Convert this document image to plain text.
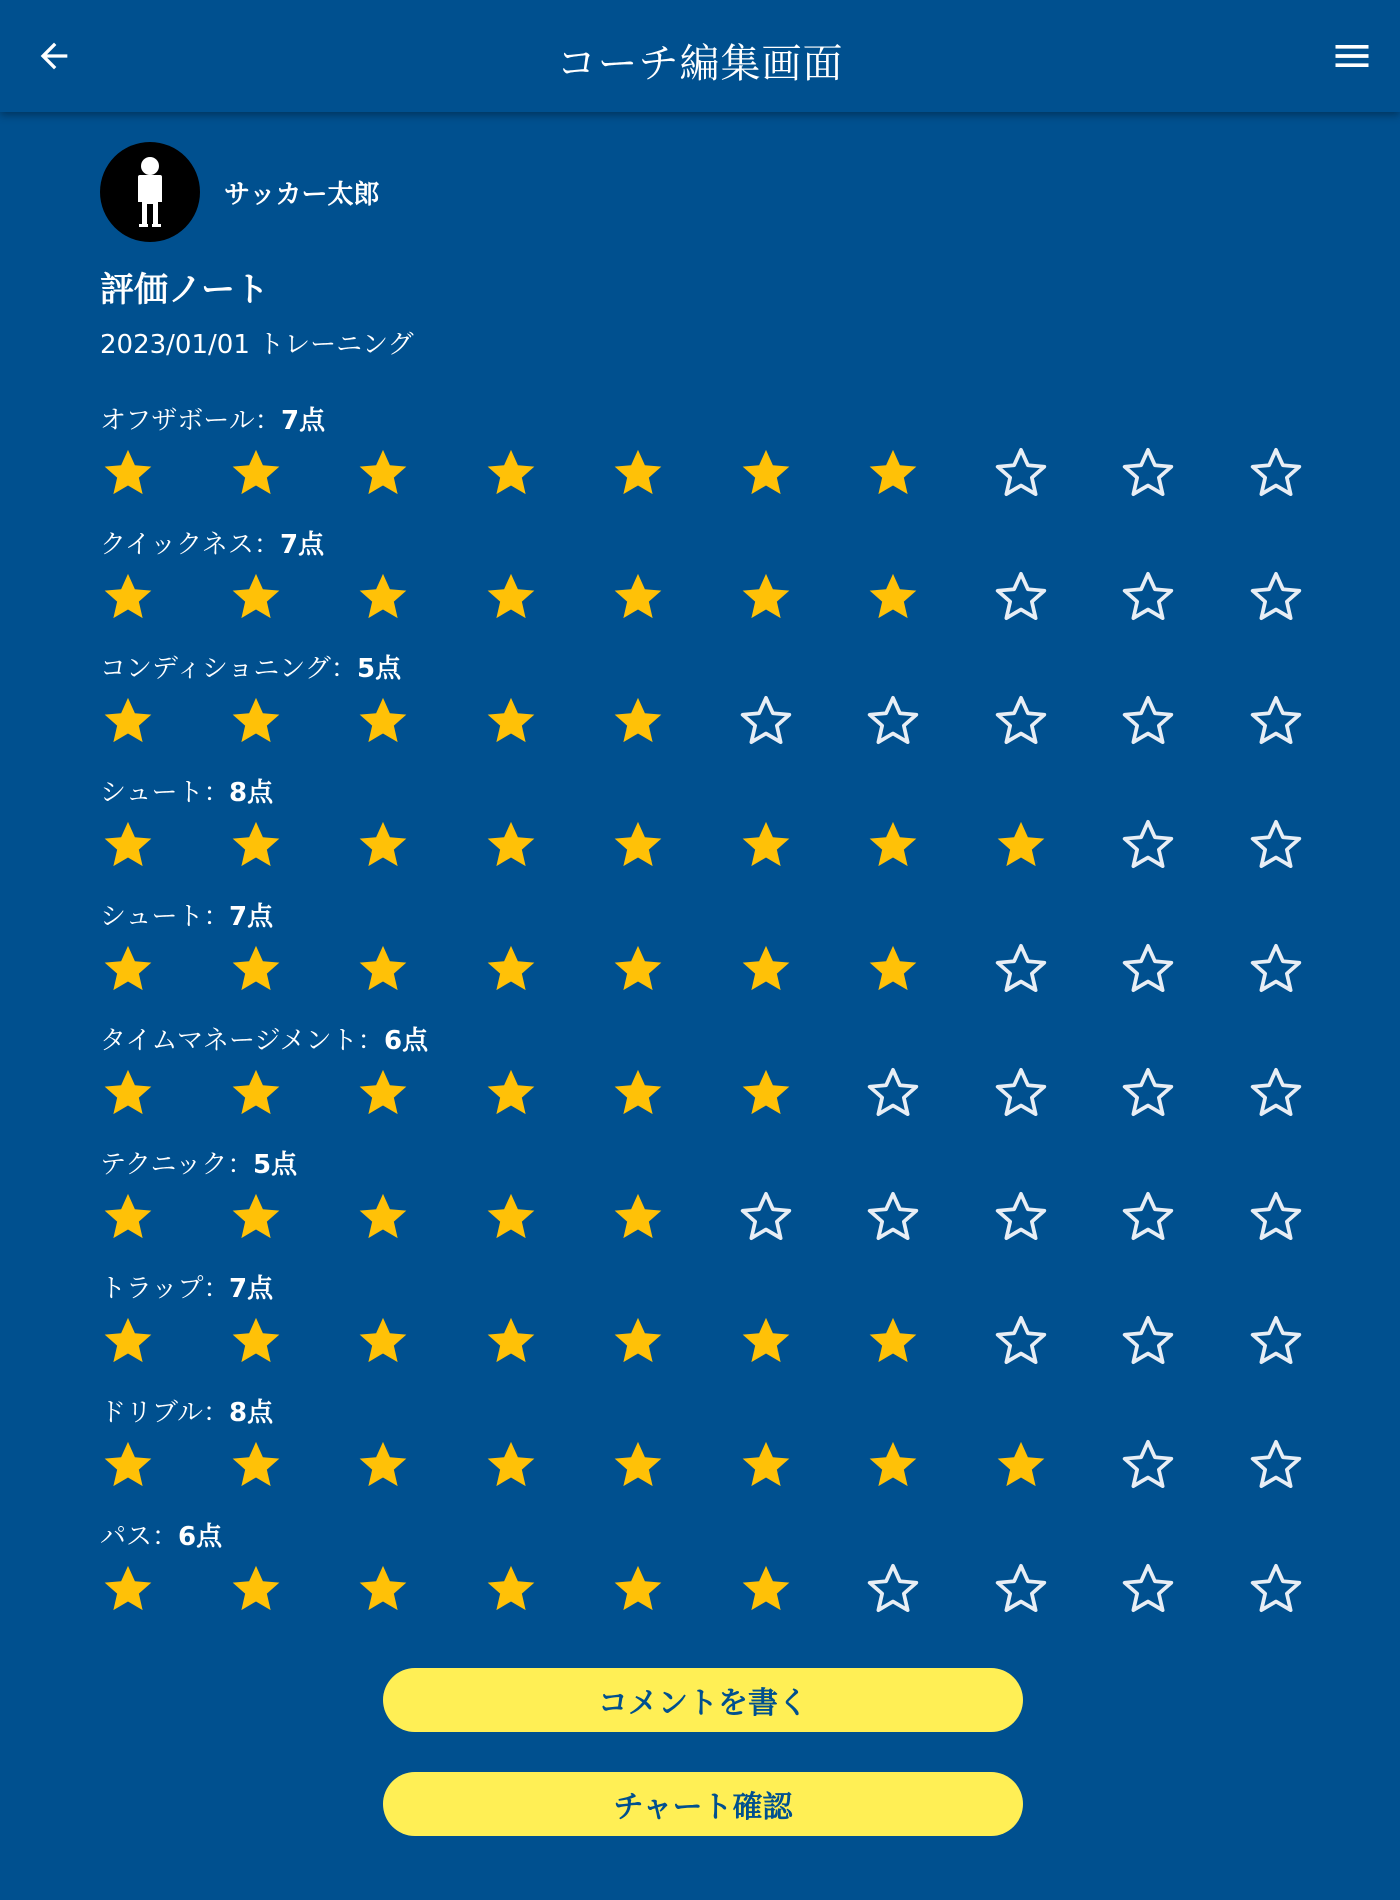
コーチ編集画面
サッカー太郎
評価ノート
2023/01/01 トレーニング
オフザボール： 7点
クイックネス： 7点
コンディショニング： 5点
シュート： 8点
シュート： 7点
タイムマネージメント： 6点
テクニック： 5点
トラップ： 7点
ドリブル： 8点
パス： 6点
コメントを書く
チャート確認
